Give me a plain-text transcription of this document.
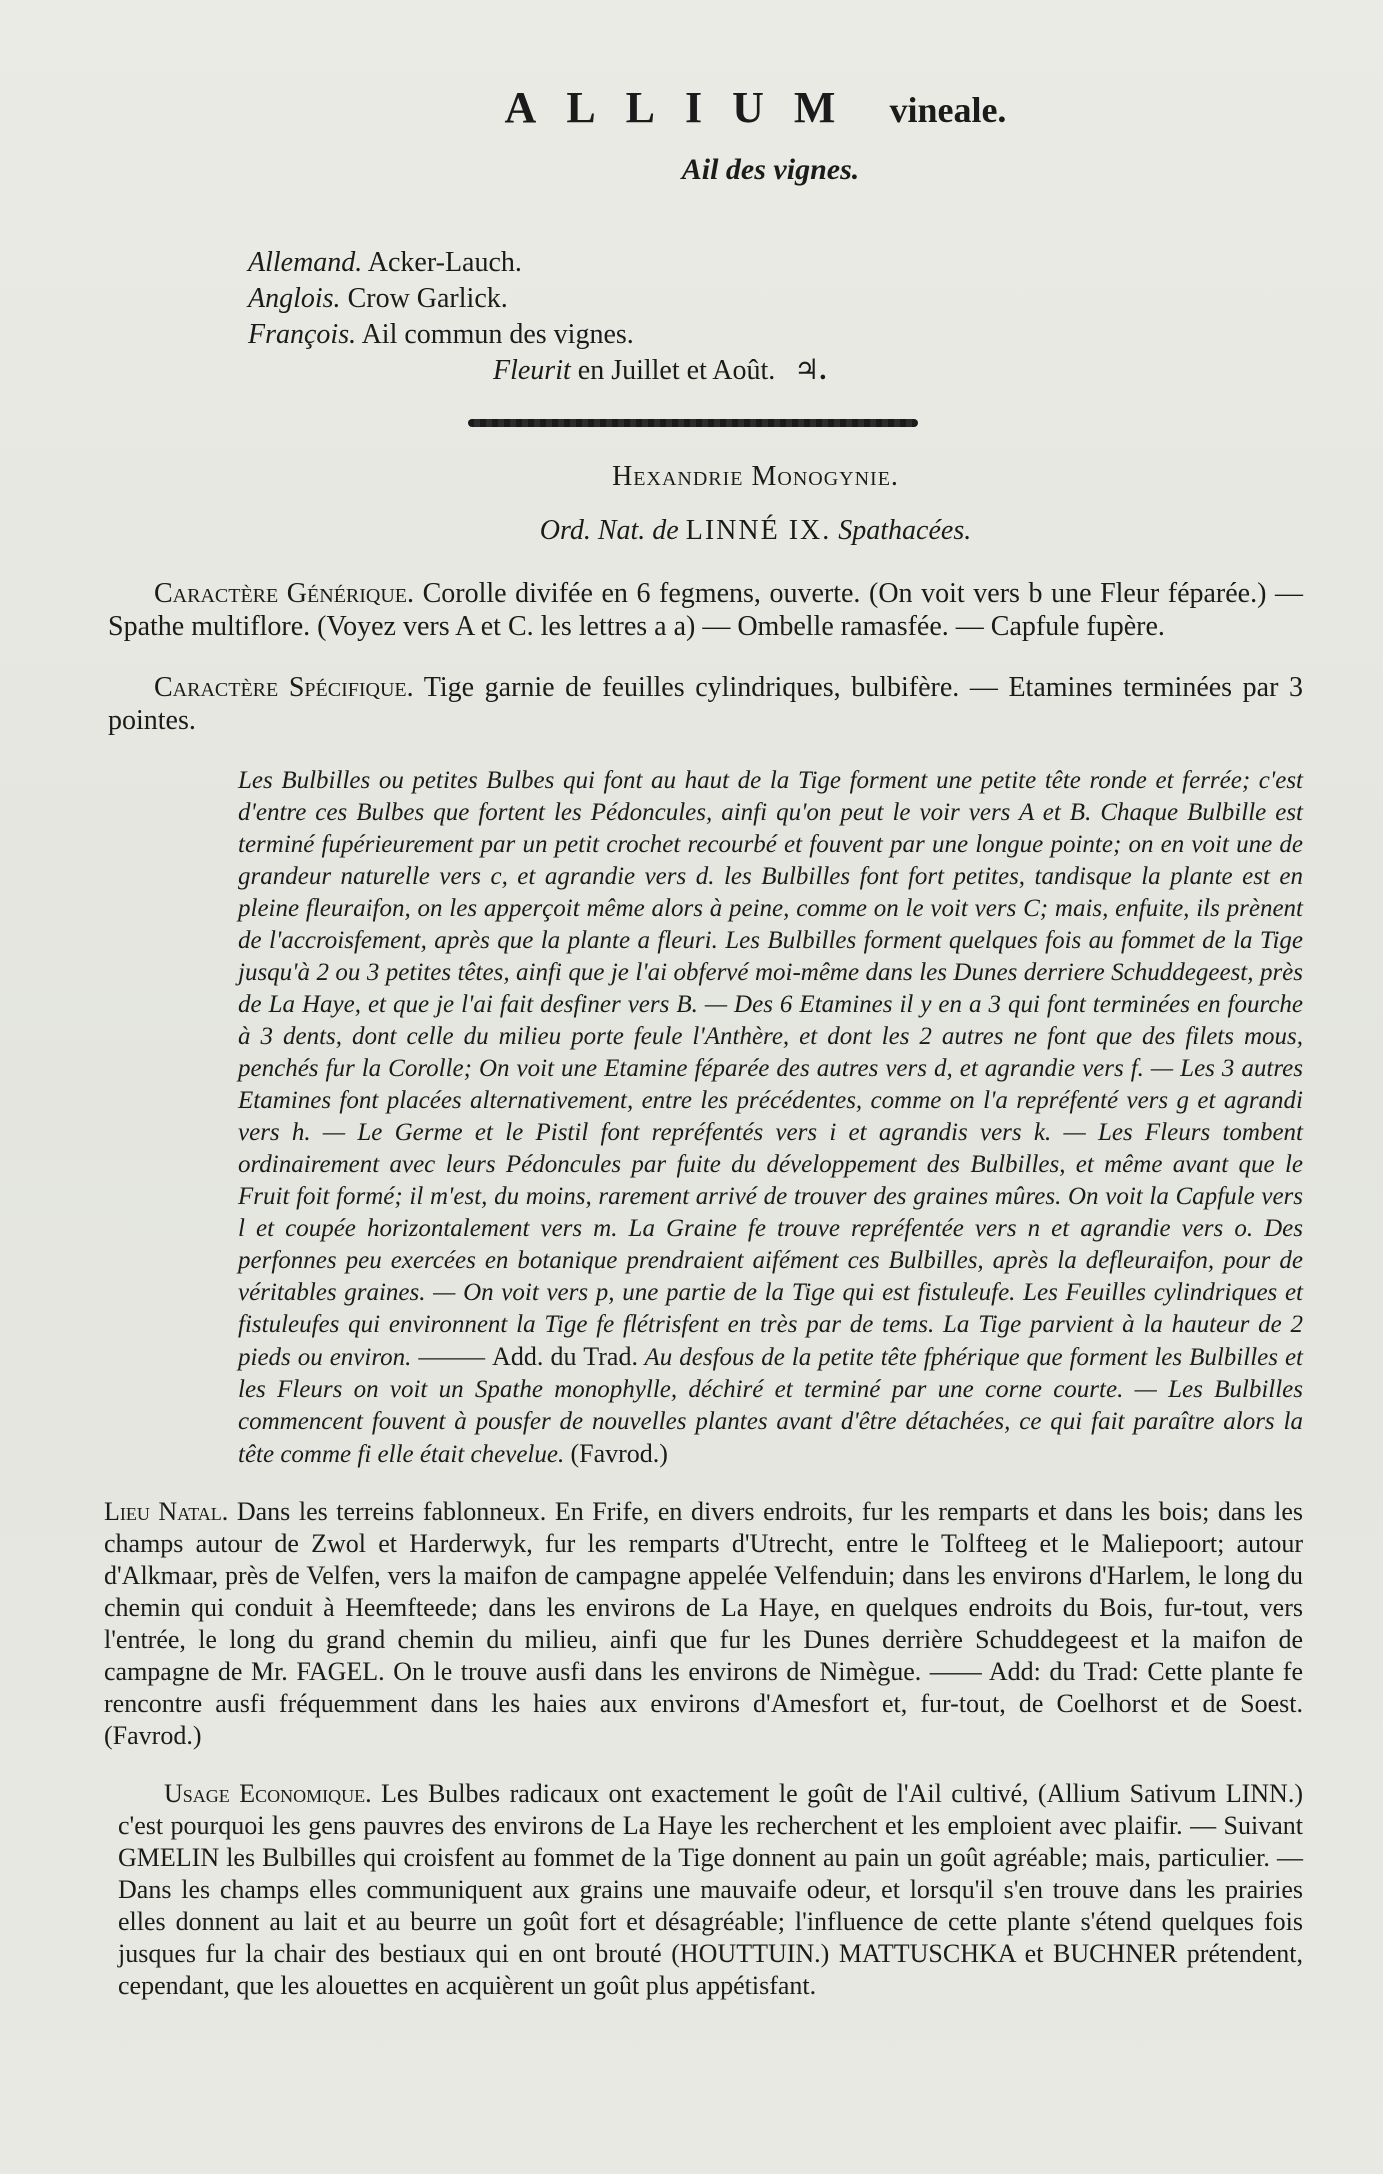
ALLIUM vineale.
Ail des vignes.
Allemand. Acker-Lauch.
Anglois. Crow Garlick.
François. Ail commun des vignes.
Fleurit en Juillet et Août. ♃.
Hexandrie Monogynie.
Ord. Nat. de LINNÉ IX. Spathacées.

Caractère Générique. Corolle divifée en 6 fegmens, ouverte. (On voit vers b une Fleur féparée.) — Spathe multiflore. (Voyez vers A et C. les lettres a a) — Ombelle ramasfée. — Capfule fupère.

Caractère Spécifique. Tige garnie de feuilles cylindriques, bulbifère. — Etamines terminées par 3 pointes.

Les Bulbilles ou petites Bulbes qui font au haut de la Tige forment une petite tête ronde et ferrée; c'est d'entre ces Bulbes que fortent les Pédoncules, ainfi qu'on peut le voir vers A et B. Chaque Bulbille est terminé fupérieurement par un petit crochet recourbé et fouvent par une longue pointe; on en voit une de grandeur naturelle vers c, et agrandie vers d. les Bulbilles font fort petites, tandisque la plante est en pleine fleuraifon, on les apperçoit même alors à peine, comme on le voit vers C; mais, enfuite, ils prènent de l'accroisfement, après que la plante a fleuri. Les Bulbilles forment quelques fois au fommet de la Tige jusqu'à 2 ou 3 petites têtes, ainfi que je l'ai obfervé moi-même dans les Dunes derriere Schuddegeest, près de La Haye, et que je l'ai fait desfiner vers B. — Des 6 Etamines il y en a 3 qui font terminées en fourche à 3 dents, dont celle du milieu porte feule l'Anthère, et dont les 2 autres ne font que des filets mous, penchés fur la Corolle; On voit une Etamine féparée des autres vers d, et agrandie vers f. — Les 3 autres Etamines font placées alternativement, entre les précédentes, comme on l'a repréfenté vers g et agrandi vers h. — Le Germe et le Pistil font repréfentés vers i et agrandis vers k. — Les Fleurs tombent ordinairement avec leurs Pédoncules par fuite du développement des Bulbilles, et même avant que le Fruit foit formé; il m'est, du moins, rarement arrivé de trouver des graines mûres. On voit la Capfule vers l et coupée horizontalement vers m. La Graine fe trouve repréfentée vers n et agrandie vers o. Des perfonnes peu exercées en botanique prendraient aifément ces Bulbilles, après la defleuraifon, pour de véritables graines. — On voit vers p, une partie de la Tige qui est fistuleufe. Les Feuilles cylindriques et fistuleufes qui environnent la Tige fe flétrisfent en très par de tems. La Tige parvient à la hauteur de 2 pieds ou environ. ——— Add. du Trad. Au desfous de la petite tête fphérique que forment les Bulbilles et les Fleurs on voit un Spathe monophylle, déchiré et terminé par une corne courte. — Les Bulbilles commencent fouvent à pousfer de nouvelles plantes avant d'être détachées, ce qui fait paraître alors la tête comme fi elle était chevelue. (Favrod.)

Lieu Natal. Dans les terreins fablonneux. En Frife, en divers endroits, fur les remparts et dans les bois; dans les champs autour de Zwol et Harderwyk, fur les remparts d'Utrecht, entre le Tolfteeg et le Maliepoort; autour d'Alkmaar, près de Velfen, vers la maifon de campagne appelée Velfenduin; dans les environs d'Harlem, le long du chemin qui conduit à Heemfteede; dans les environs de La Haye, en quelques endroits du Bois, fur-tout, vers l'entrée, le long du grand chemin du milieu, ainfi que fur les Dunes derrière Schuddegeest et la maifon de campagne de Mr. FAGEL. On le trouve ausfi dans les environs de Nimègue. —— Add: du Trad: Cette plante fe rencontre ausfi fréquemment dans les haies aux environs d'Amesfort et, fur-tout, de Coelhorst et de Soest. (Favrod.)

Usage Economique. Les Bulbes radicaux ont exactement le goût de l'Ail cultivé, (Allium Sativum LINN.) c'est pourquoi les gens pauvres des environs de La Haye les recherchent et les emploient avec plaifir. — Suivant GMELIN les Bulbilles qui croisfent au fommet de la Tige donnent au pain un goût agréable; mais, particulier. — Dans les champs elles communiquent aux grains une mauvaife odeur, et lorsqu'il s'en trouve dans les prairies elles donnent au lait et au beurre un goût fort et désagréable; l'influence de cette plante s'étend quelques fois jusques fur la chair des bestiaux qui en ont brouté (HOUTTUIN.) MATTUSCHKA et BUCHNER prétendent, cependant, que les alouettes en acquièrent un goût plus appétisfant.
